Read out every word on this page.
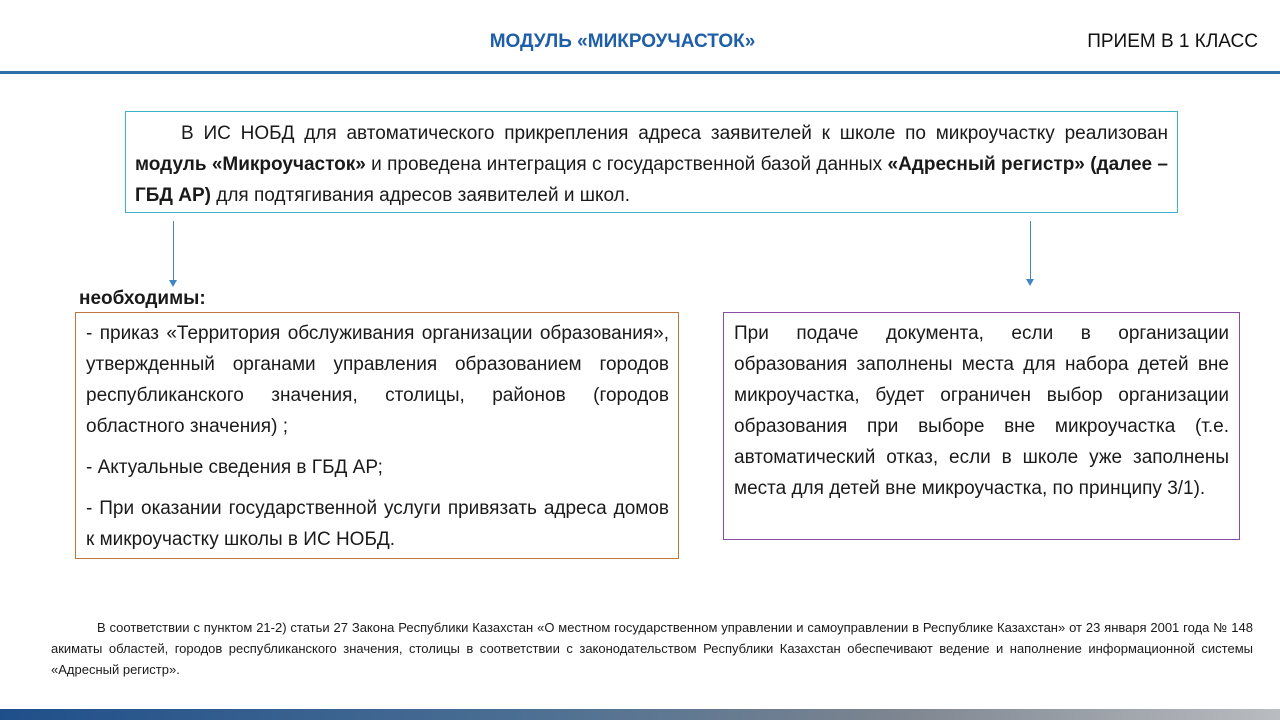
МОДУЛЬ «МИКРОУЧАСТОК»	ПРИЕМ В 1 КЛАСС

В ИС НОБД для автоматического прикрепления адреса заявителей к школе по микроучастку реализован модуль «Микроучасток» и проведена интеграция с государственной базой данных «Адресный регистр» (далее – ГБД АР) для подтягивания адресов заявителей и школ.

необходимы:

- приказ «Территория обслуживания организации образования», утвержденный органами управления образованием городов республиканского значения, столицы, районов (городов областного значения) ;

- Актуальные сведения в ГБД АР;

- При оказании государственной услуги привязать адреса домов к микроучастку школы в ИС НОБД.

При подаче документа, если в организации образования заполнены места для набора детей вне микроучастка, будет ограничен выбор организации образования при выборе вне микроучастка (т.е. автоматический отказ, если в школе уже заполнены места для детей вне микроучастка, по принципу 3/1).

В соответствии с пунктом 21-2) статьи 27 Закона Республики Казахстан «О местном государственном управлении и самоуправлении в Республике Казахстан» от 23 января 2001 года № 148 акиматы областей, городов республиканского значения, столицы в соответствии с законодательством Республики Казахстан обеспечивают ведение и наполнение информационной системы «Адресный регистр».
